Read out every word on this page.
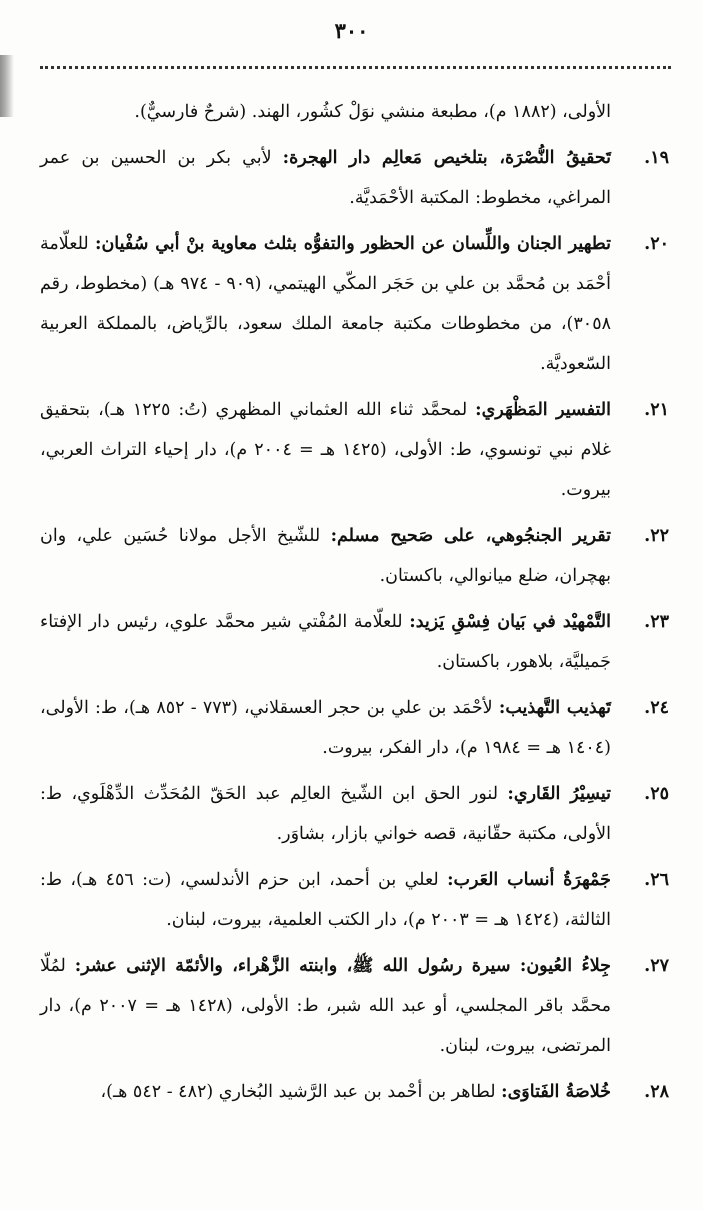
٣٠٠
الأولى، (١٨٨٢ م)، مطبعة منشي نوَلْ كشُور، الهند. (شرحٌ فارسيٌّ).
١٩.
تَحقيقُ النُّصْرَة، بتلخيص مَعالِم دار الهجرة: لأبي بكر بن الحسين بن عمر المراغي، مخطوط: المكتبة الأحْمَديَّة.
٢٠.
تطهير الجنان واللِّسان عن الحظور والتفوُّه بثلث معاوية بنْ أبي سُفْيان: للعلّامة أحْمَد بن مُحمَّد بن علي بن حَجَر المكّي الهيتمي، (٩٠٩ - ٩٧٤ هـ) (مخطوط، رقم ٣٠٥٨)، من مخطوطات مكتبة جامعة الملك سعود، بالرِّياض، بالمملكة العربية السّعوديَّة.
٢١.
التفسير المَظْهَري: لمحمَّد ثناء الله العثماني المظهري (تُ: ١٢٢٥ هـ)، بتحقيق غلام نبي تونسوي، ط: الأولى، (١٤٢٥ هـ = ٢٠٠٤ م)، دار إحياء التراث العربي، بيروت.
٢٢.
تقرير الجنجُوهي، على صَحيح مسلم: للشّيخ الأجل مولانا حُسَين علي، وان بهچران، ضلع ميانوالي، باكستان.
٢٣.
التَّمْهيْد في بَيان فِسْقِ يَزيد: للعلّامة المُفْتي شير محمَّد علوي، رئيس دار الإفتاء جَميليَّة، بلاهور، باكستان.
٢٤.
تَهذيب التَّهذيب: لأحْمَد بن علي بن حجر العسقلاني، (٧٧٣ - ٨٥٢ هـ)، ط: الأولى، (١٤٠٤ هـ = ١٩٨٤ م)، دار الفكر، بيروت.
٢٥.
تيسِيْرُ القَاري: لنور الحق ابن الشّيخ العالِم عبد الحَقّ المُحَدِّث الدِّهْلَوي، ط: الأولى، مكتبة حقّانية، قصه خواني بازار، بشاوَر.
٢٦.
جَمْهرَةُ أنساب العَرب: لعلي بن أحمد، ابن حزم الأندلسي، (ت: ٤٥٦ هـ)، ط: الثالثة، (١٤٢٤ هـ = ٢٠٠٣ م)، دار الكتب العلمية، بيروت، لبنان.
٢٧.
جِلاءُ العُيون: سيرة رسُول الله ﷺ، وابنته الزَّهْراء، والأئمّة الإثنى عشر: لمُلّا محمَّد باقر المجلسي، أو عبد الله شبر، ط: الأولى، (١٤٢٨ هـ = ٢٠٠٧ م)، دار المرتضى، بيروت، لبنان.
٢٨.
خُلاصَةُ الفَتاوَى: لطاهر بن أحْمد بن عبد الرَّشيد البُخاري (٤٨٢ - ٥٤٢ هـ)،
